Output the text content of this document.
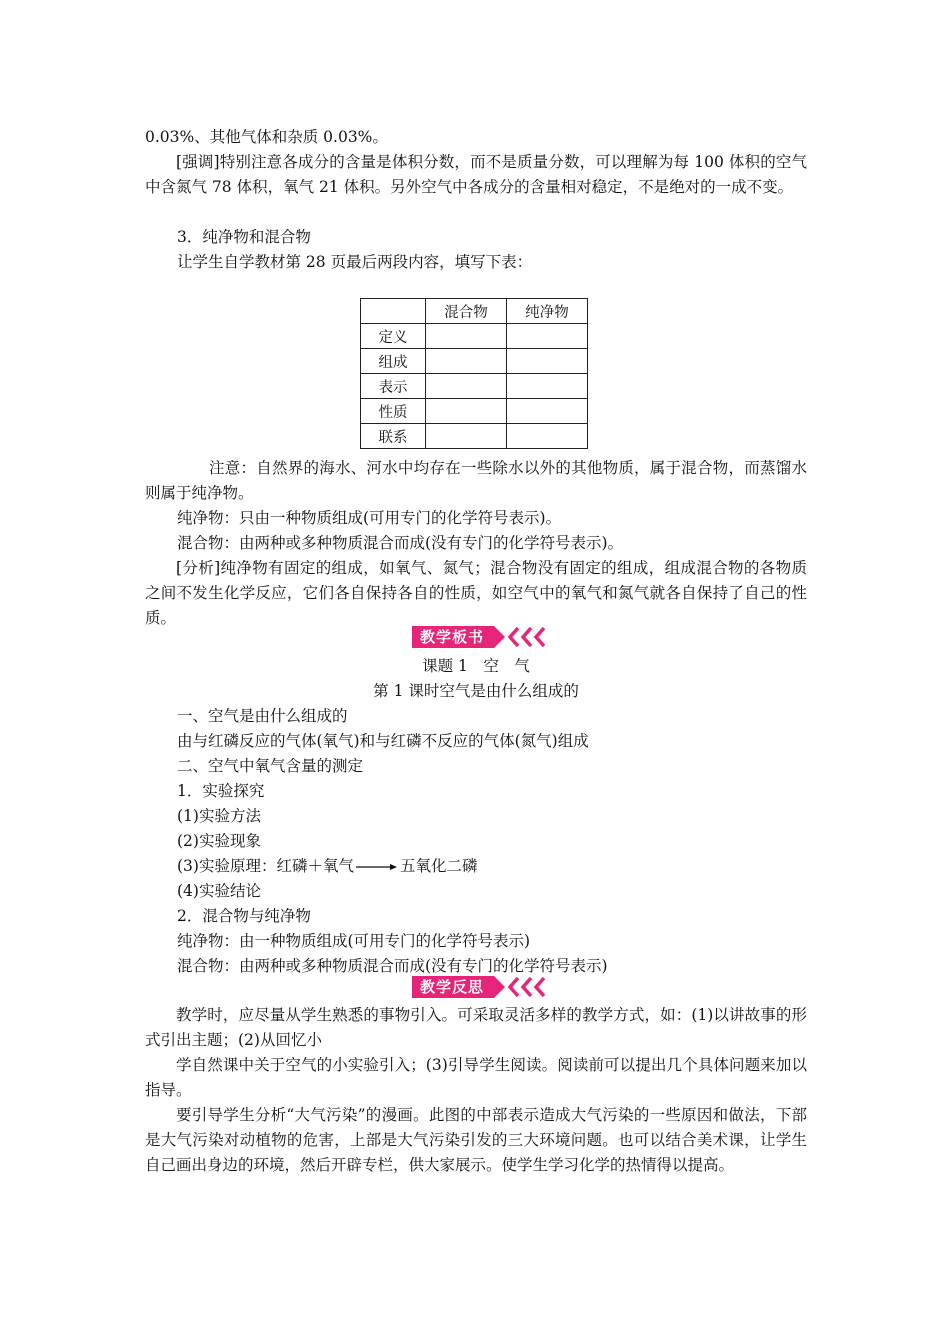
0.03%、其他气体和杂质 0.03%。

[强调]特别注意各成分的含量是体积分数，而不是质量分数，可以理解为每 100 体积的空气中含氮气 78 体积，氧气 21 体积。另外空气中各成分的含量相对稳定，不是绝对的一成不变。

3．纯净物和混合物

让学生自学教材第 28 页最后两段内容，填写下表：

	混合物	纯净物
定义		
组成		
表示		
性质		
联系		

注意：自然界的海水、河水中均存在一些除水以外的其他物质，属于混合物，而蒸馏水则属于纯净物。

纯净物：只由一种物质组成(可用专门的化学符号表示)。

混合物：由两种或多种物质混合而成(没有专门的化学符号表示)。

[分析]纯净物有固定的组成，如氧气、氮气；混合物没有固定的组成，组成混合物的各物质之间不发生化学反应，它们各自保持各自的性质，如空气中的氧气和氮气就各自保持了自己的性质。

教学板书

课题 1　空　气

第 1 课时空气是由什么组成的

一、空气是由什么组成的

由与红磷反应的气体(氧气)和与红磷不反应的气体(氮气)组成

二、空气中氧气含量的测定

1．实验探究

(1)实验方法

(2)实验现象

(3)实验原理：红磷＋氧气 → 五氧化二磷

(4)实验结论

2．混合物与纯净物

纯净物：由一种物质组成(可用专门的化学符号表示)

混合物：由两种或多种物质混合而成(没有专门的化学符号表示)

教学反思

教学时，应尽量从学生熟悉的事物引入。可采取灵活多样的教学方式，如：(1)以讲故事的形式引出主题；(2)从回忆小

学自然课中关于空气的小实验引入；(3)引导学生阅读。阅读前可以提出几个具体问题来加以指导。

要引导学生分析“大气污染”的漫画。此图的中部表示造成大气污染的一些原因和做法，下部是大气污染对动植物的危害，上部是大气污染引发的三大环境问题。也可以结合美术课，让学生自己画出身边的环境，然后开辟专栏，供大家展示。使学生学习化学的热情得以提高。
